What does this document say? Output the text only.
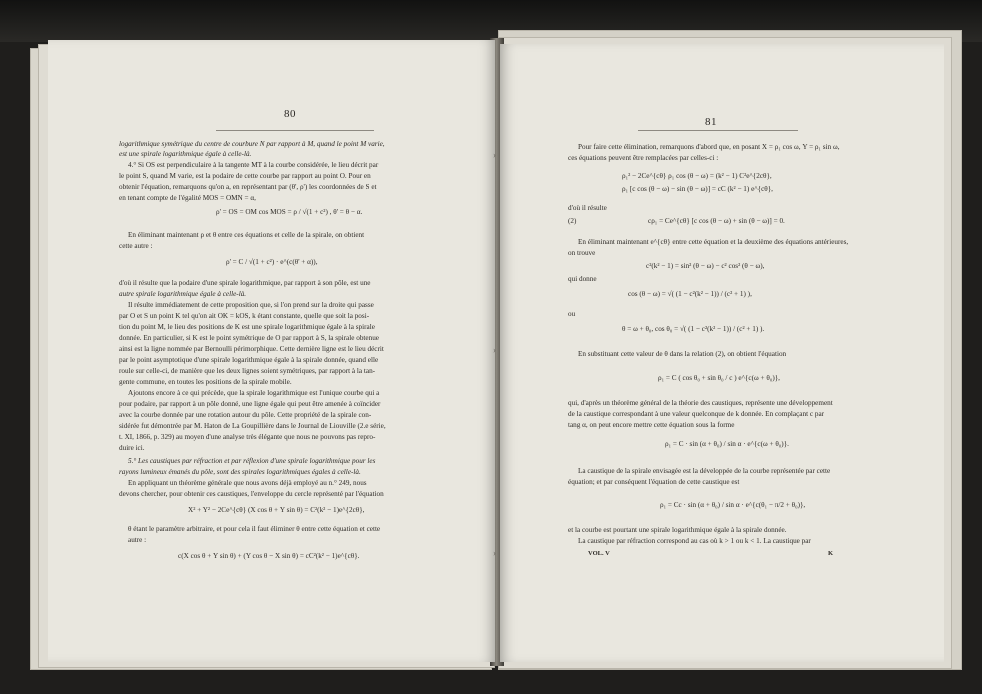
80
logarithmique symétrique du centre de courbure N par rapport à M, quand le point M varie,
est une spirale logarithmique égale à celle-là.
4.° Si OS est perpendiculaire à la tangente MT à la courbe considérée, le lieu décrit par
le point S, quand M varie, est la podaire de cette courbe par rapport au point O. Pour en
obtenir l'équation, remarquons qu'on a, en représentant par (θ', ρ') les coordonnées de S et
en tenant compte de l'égalité MOS = OMN = α,
ρ' = OS = OM cos MOS = ρ / √(1 + c²) , θ' = θ − α.
En éliminant maintenant ρ et θ entre ces équations et celle de la spirale, on obtient
cette autre :
ρ' = C / √(1 + c²) · e^(c(θ' + α)),
d'où il résulte que la podaire d'une spirale logarithmique, par rapport à son pôle, est une
autre spirale logarithmique égale à celle-là.
Il résulte immédiatement de cette proposition que, si l'on prend sur la droite qui passe
par O et S un point K tel qu'on ait OK = kOS, k étant constante, quelle que soit la posi-
tion du point M, le lieu des positions de K est une spirale logarithmique égale à la spirale
donnée. En particulier, si K est le point symétrique de O par rapport à S, la spirale obtenue
ainsi est la ligne nommée par Bernoulli périmorphique. Cette dernière ligne est le lieu décrit
par le point asymptotique d'une spirale logarithmique égale à la spirale donnée, quand elle
roule sur celle-ci, de manière que les deux lignes soient symétriques, par rapport à la tan-
gente commune, en toutes les positions de la spirale mobile.
Ajoutons encore à ce qui précède, que la spirale logarithmique est l'unique courbe qui a
pour podaire, par rapport à un pôle donné, une ligne égale qui peut être amenée à coïncider
avec la courbe donnée par une rotation autour du pôle. Cette propriété de la spirale con-
sidérée fut démontrée par M. Haton de La Goupillière dans le Journal de Liouville (2.e série,
t. XI, 1866, p. 329) au moyen d'une analyse très élégante que nous ne pouvons pas repro-
duire ici.
5.° Les caustiques par réfraction et par réflexion d'une spirale logarithmique pour les
rayons lumineux émanés du pôle, sont des spirales logarithmiques égales à celle-là.
En appliquant un théorème générale que nous avons déjà employé au n.° 249, nous
devons chercher, pour obtenir ces caustiques, l'enveloppe du cercle représenté par l'équation
X² + Y² − 2Ce^{cθ} (X cos θ + Y sin θ) = C²(k² − 1)e^{2cθ},
θ étant le paramètre arbitraire, et pour cela il faut éliminer θ entre cette équation et cette
autre :
c(X cos θ + Y sin θ) + (Y cos θ − X sin θ) = cC²(k² − 1)e^{cθ}.
81
Pour faire cette élimination, remarquons d'abord que, en posant X = ρ₁ cos ω, Y = ρ₁ sin ω,
ces équations peuvent être remplacées par celles-ci :
ρ₁² − 2Ce^{cθ} ρ₁ cos (θ − ω) = (k² − 1) C²e^{2cθ},
ρ₁ [c cos (θ − ω) − sin (θ − ω)] = cC (k² − 1) e^{cθ},
d'où il résulte
(2)	cρ₁ = Ce^{cθ} [c cos (θ − ω) + sin (θ − ω)] = 0.
En éliminant maintenant e^{cθ} entre cette équation et la deuxième des équations antérieures,
on trouve
c²(k² − 1) = sin² (θ − ω) − c² cos² (θ − ω),
qui donne
cos (θ − ω) = √( (1 − c²(k² − 1)) / (c² + 1) ),
ou
θ = ω + θ₀, cos θ₀ = √( (1 − c²(k² − 1)) / (c² + 1) ).
En substituant cette valeur de θ dans la relation (2), on obtient l'équation
ρ₁ = C ( cos θ₀ + sin θ₀ / c ) e^{c(ω + θ₀)},
qui, d'après un théorème général de la théorie des caustiques, représente une développement
de la caustique correspondant à une valeur quelconque de k donnée. En complaçant c par
tang α, on peut encore mettre cette équation sous la forme
ρ₁ = C · sin (α + θ₀) / sin α · e^{c(ω + θ₀)}.
La caustique de la spirale envisagée est la développée de la courbe représentée par cette
équation; et par conséquent l'équation de cette caustique est
ρ₁ = Cc · sin (α + θ₀) / sin α · e^{c(θ₁ − π/2 + θ₀)},
et la courbe est pourtant une spirale logarithmique égale à la spirale donnée.
La caustique par réfraction correspond au cas où k > 1 ou k < 1. La caustique par
VOL. V	K
›
›
›
